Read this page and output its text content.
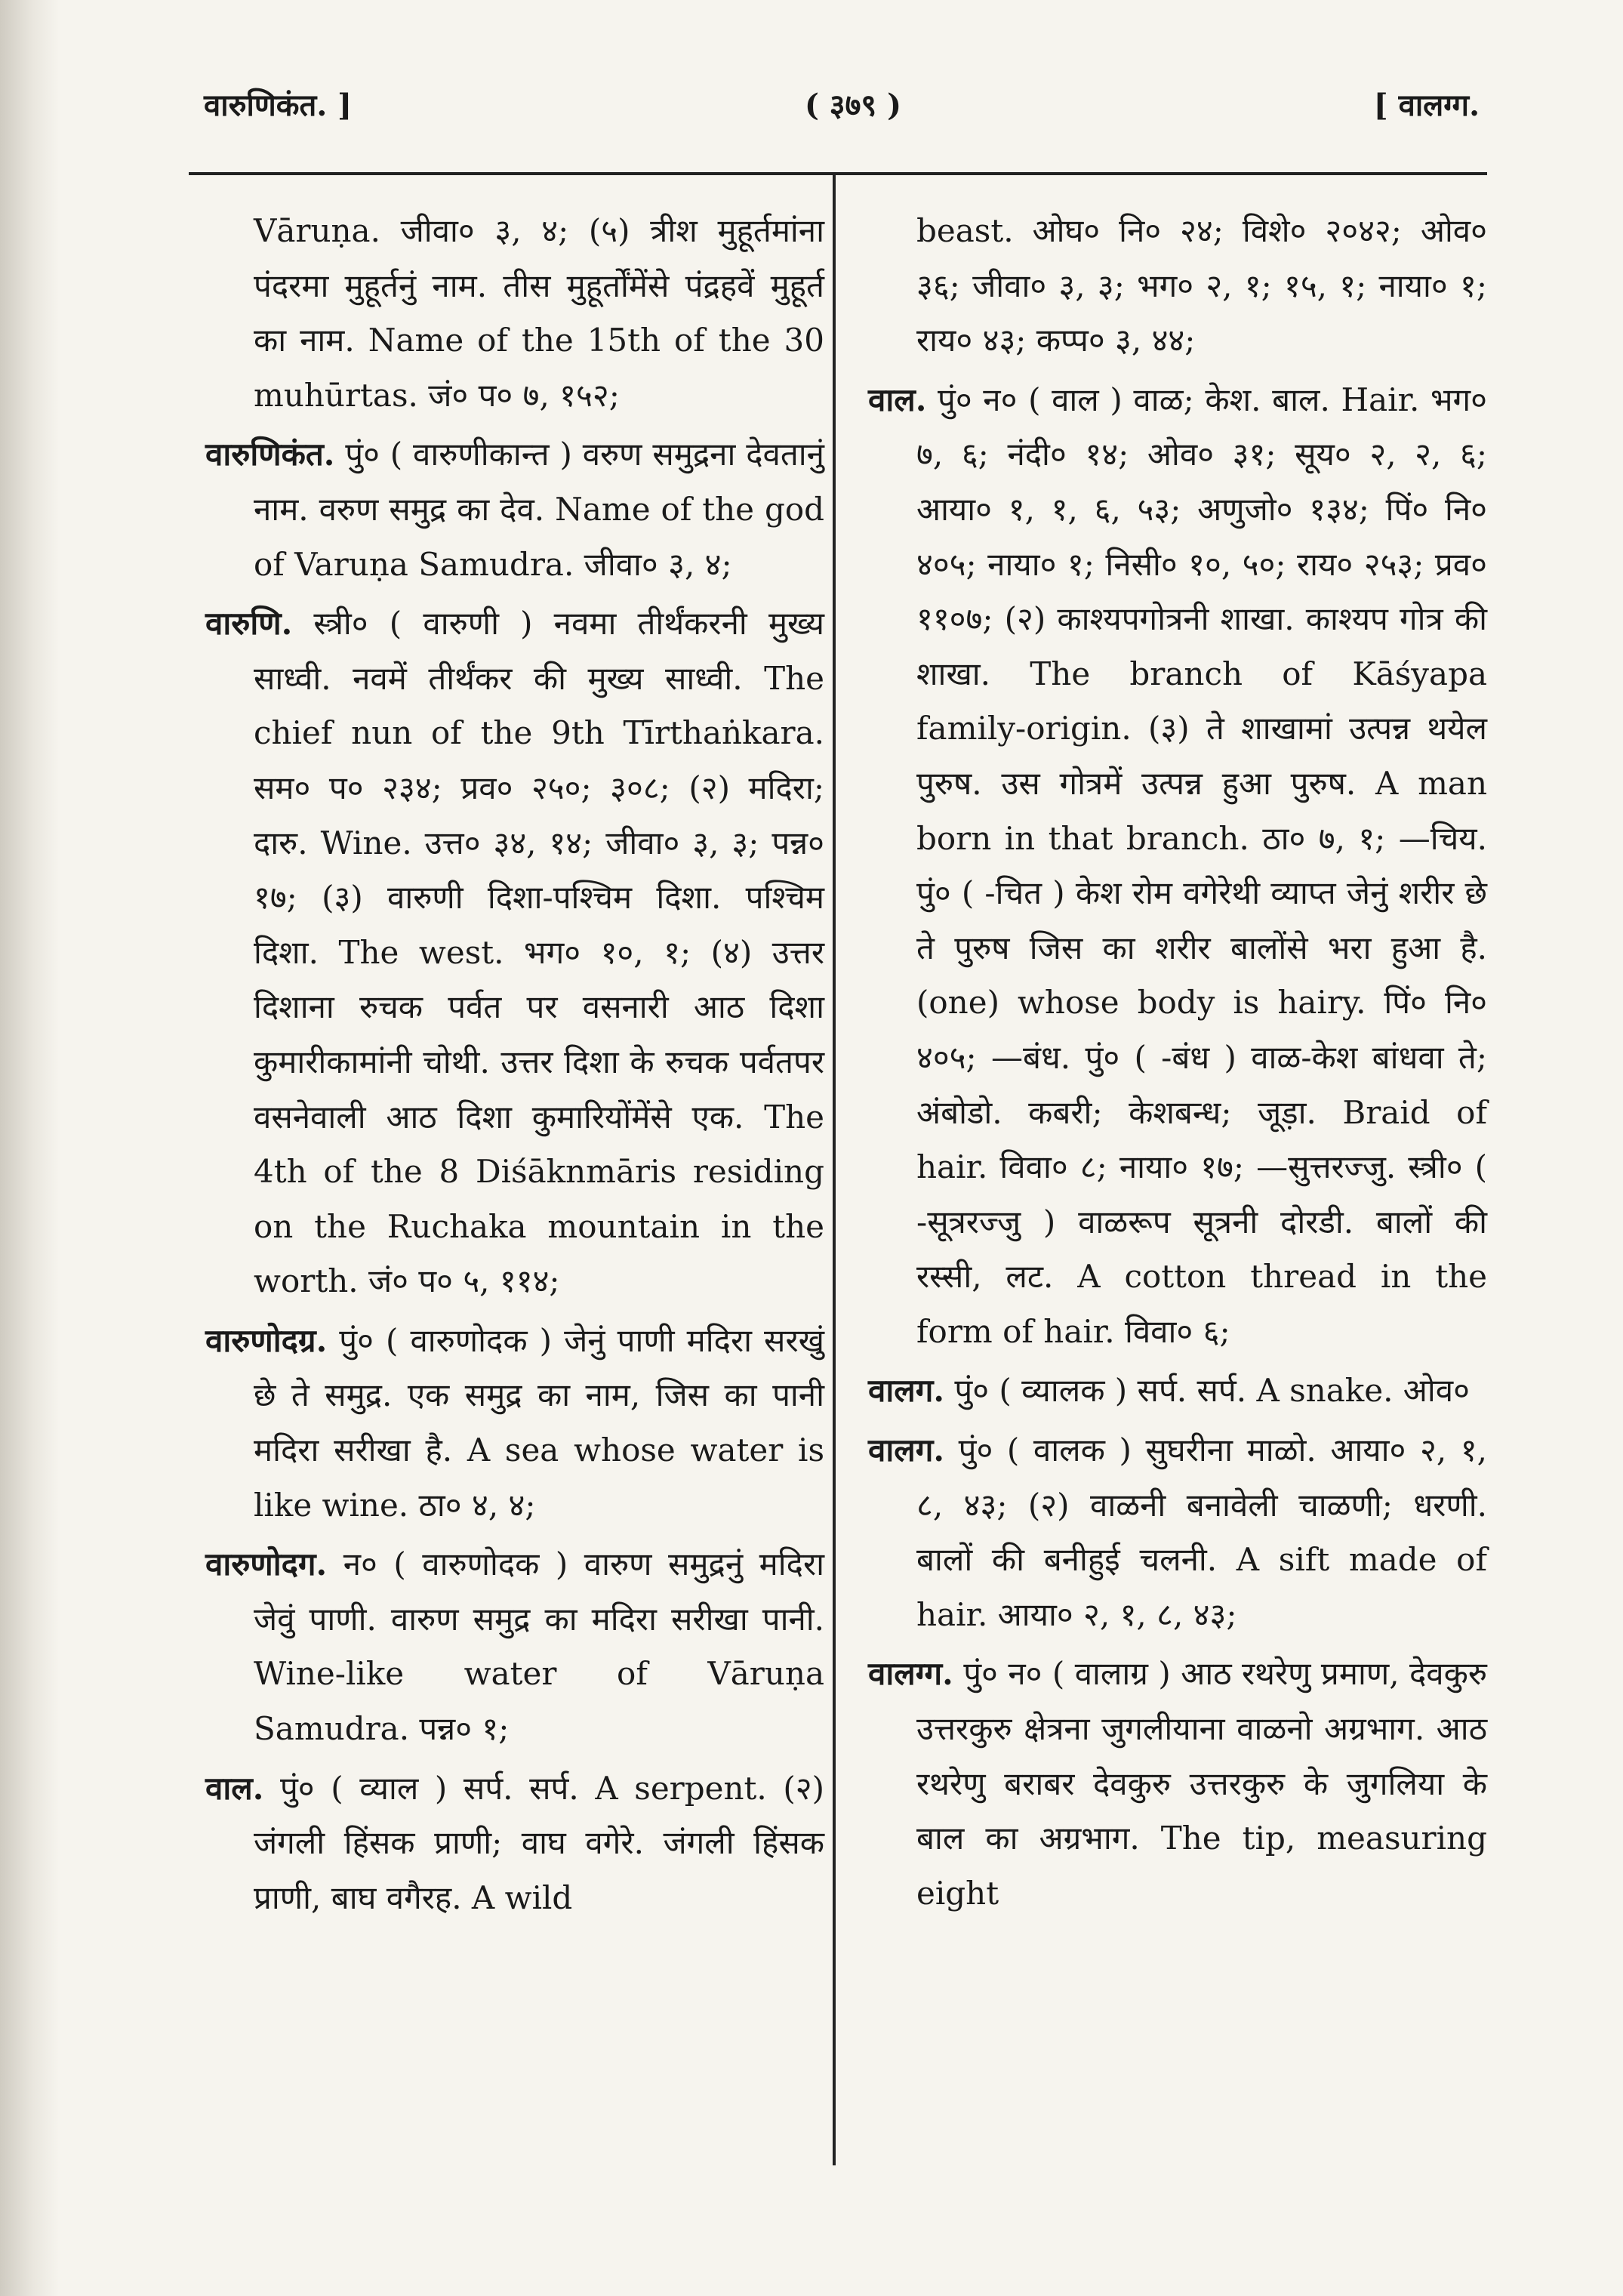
वारुणिकंत. ]	( ३७९ )	[ वालग्ग.

Vāruṇa. जीवा० ३, ४; (५) त्रीश मुहूर्तमांना पंदरमा मुहूर्तनुं नाम. तीस मुहूर्तोंमेंसे पंद्रहवें मुहूर्त का नाम. Name of the 15th of the 30 muhūrtas. जं० प० ७, १५२;

वारुणिकंत. पुं० ( वारुणीकान्त ) वरुण समुद्रना देवतानुं नाम. वरुण समुद्र का देव. Name of the god of Varuṇa Samudra. जीवा० ३, ४;

वारुणि. स्त्री० ( वारुणी ) नवमा तीर्थंकरनी मुख्य साध्वी. नवमें तीर्थंकर की मुख्य साध्वी. The chief nun of the 9th Tīrthaṅkara. सम० प० २३४; प्रव० २५०; ३०८; (२) मदिरा; दारु. Wine. उत्त० ३४, १४; जीवा० ३, ३; पन्न० १७; (३) वारुणी दिशा-पश्चिम दिशा. पश्चिम दिशा. The west. भग० १०, १; (४) उत्तर दिशाना रुचक पर्वत पर वसनारी आठ दिशा कुमारीकामांनी चोथी. उत्तर दिशा के रुचक पर्वतपर वसनेवाली आठ दिशा कुमारियोंमेंसे एक. The 4th of the 8 Diśāknmāris residing on the Ruchaka mountain in the worth. जं० प० ५, ११४;

वारुणोदग्र. पुं० ( वारुणोदक ) जेनुं पाणी मदिरा सरखुं छे ते समुद्र. एक समुद्र का नाम, जिस का पानी मदिरा सरीखा है. A sea whose water is like wine. ठा० ४, ४;

वारुणोदग. न० ( वारुणोदक ) वारुण समुद्रनुं मदिरा जेवुं पाणी. वारुण समुद्र का मदिरा सरीखा पानी. Wine-like water of Vāruṇa Samudra. पन्न० १;

वाल. पुं० ( व्याल ) सर्प. सर्प. A serpent. (२) जंगली हिंसक प्राणी; वाघ वगेरे. जंगली हिंसक प्राणी, बाघ वगैरह. A wild

beast. ओघ० नि० २४; विशे० २०४२; ओव० ३६; जीवा० ३, ३; भग० २, १; १५, १; नाया० १; राय० ४३; कप्प० ३, ४४;

वाल. पुं० न० ( वाल ) वाळ; केश. बाल. Hair. भग० ७, ६; नंदी० १४; ओव० ३१; सूय० २, २, ६; आया० १, १, ६, ५३; अणुजो० १३४; पिं० नि० ४०५; नाया० १; निसी० १०, ५०; राय० २५३; प्रव० ११०७; (२) काश्यपगोत्रनी शाखा. काश्यप गोत्र की शाखा. The branch of Kāśyapa family-origin. (३) ते शाखामां उत्पन्न थयेल पुरुष. उस गोत्रमें उत्पन्न हुआ पुरुष. A man born in that branch. ठा० ७, १; —चिय. पुं० ( -चित ) केश रोम वगेरेथी व्याप्त जेनुं शरीर छे ते पुरुष जिस का शरीर बालोंसे भरा हुआ है. (one) whose body is hairy. पिं० नि० ४०५; —बंध. पुं० ( -बंध ) वाळ-केश बांधवा ते; अंबोडो. कबरी; केशबन्ध; जूड़ा. Braid of hair. विवा० ८; नाया० १७; —सुत्तरज्जु. स्त्री० ( -सूत्ररज्जु ) वाळरूप सूत्रनी दोरडी. बालों की रस्सी, लट. A cotton thread in the form of hair. विवा० ६;

वालग. पुं० ( व्यालक ) सर्प. सर्प. A snake. ओव०

वालग. पुं० ( वालक ) सुघरीना माळो. आया० २, १, ८, ४३; (२) वाळनी बनावेली चाळणी; धरणी. बालों की बनीहुई चलनी. A sift made of hair. आया० २, १, ८, ४३;

वालग्ग. पुं० न० ( वालाग्र ) आठ रथरेणु प्रमाण, देवकुरु उत्तरकुरु क्षेत्रना जुगलीयाना वाळनो अग्रभाग. आठ रथरेणु बराबर देवकुरु उत्तरकुरु के जुगलिया के बाल का अग्रभाग. The tip, measuring eight
